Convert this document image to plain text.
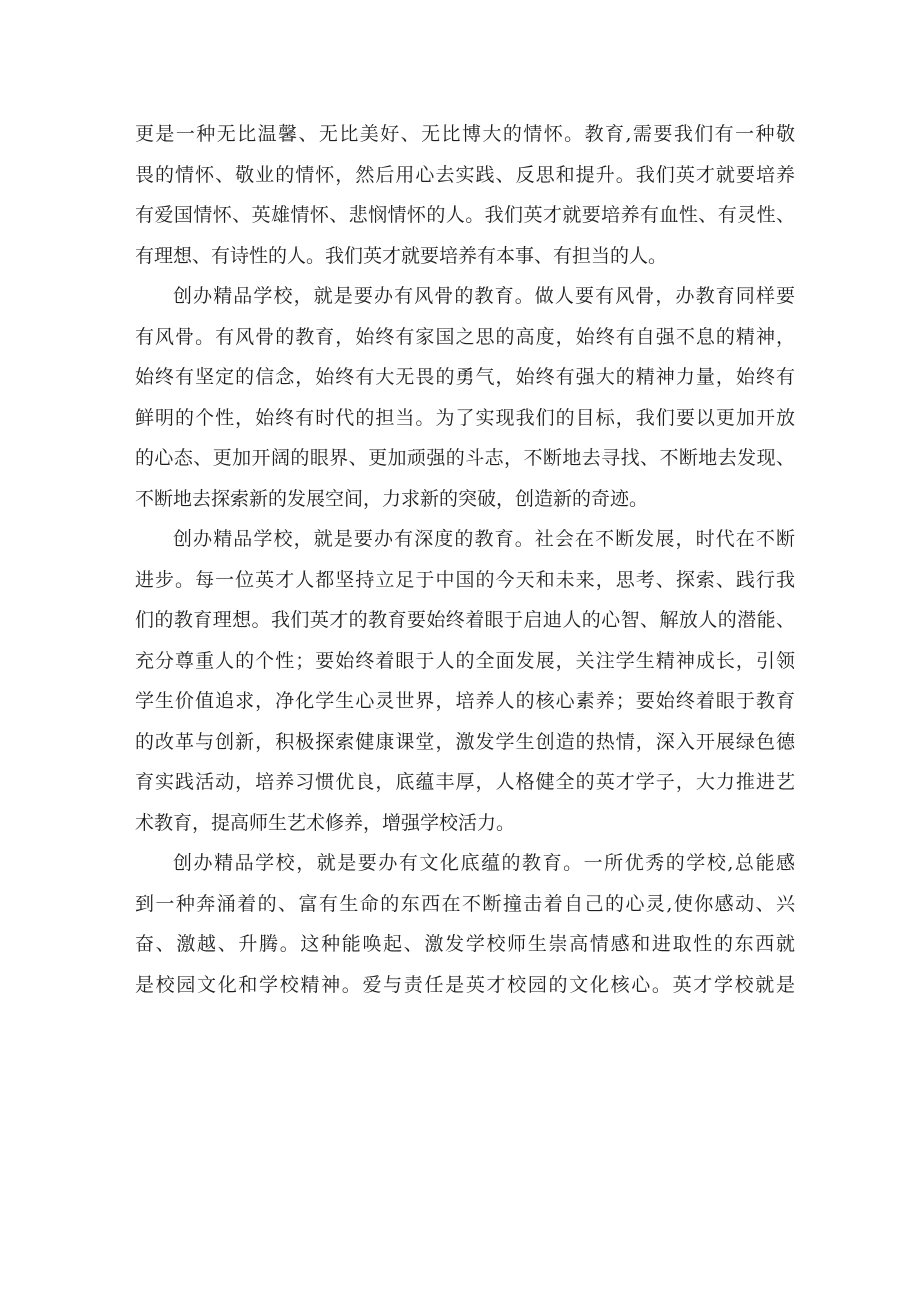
更是一种无比温馨、无比美好、无比博大的情怀。教育,需要我们有一种敬
畏的情怀、敬业的情怀，然后用心去实践、反思和提升。我们英才就要培养
有爱国情怀、英雄情怀、悲悯情怀的人。我们英才就要培养有血性、有灵性、
有理想、有诗性的人。我们英才就要培养有本事、有担当的人。
创办精品学校，就是要办有风骨的教育。做人要有风骨，办教育同样要
有风骨。有风骨的教育，始终有家国之思的高度，始终有自强不息的精神，
始终有坚定的信念，始终有大无畏的勇气，始终有强大的精神力量，始终有
鲜明的个性，始终有时代的担当。为了实现我们的目标，我们要以更加开放
的心态、更加开阔的眼界、更加顽强的斗志，不断地去寻找、不断地去发现、
不断地去探索新的发展空间，力求新的突破，创造新的奇迹。
创办精品学校，就是要办有深度的教育。社会在不断发展，时代在不断
进步。每一位英才人都坚持立足于中国的今天和未来，思考、探索、践行我
们的教育理想。我们英才的教育要始终着眼于启迪人的心智、解放人的潜能、
充分尊重人的个性；要始终着眼于人的全面发展，关注学生精神成长，引领
学生价值追求，净化学生心灵世界，培养人的核心素养；要始终着眼于教育
的改革与创新，积极探索健康课堂，激发学生创造的热情，深入开展绿色德
育实践活动，培养习惯优良，底蕴丰厚，人格健全的英才学子，大力推进艺
术教育，提高师生艺术修养，增强学校活力。
创办精品学校，就是要办有文化底蕴的教育。一所优秀的学校,总能感
到一种奔涌着的、富有生命的东西在不断撞击着自己的心灵,使你感动、兴
奋、激越、升腾。这种能唤起、激发学校师生崇高情感和进取性的东西就
是校园文化和学校精神。爱与责任是英才校园的文化核心。英才学校就是
